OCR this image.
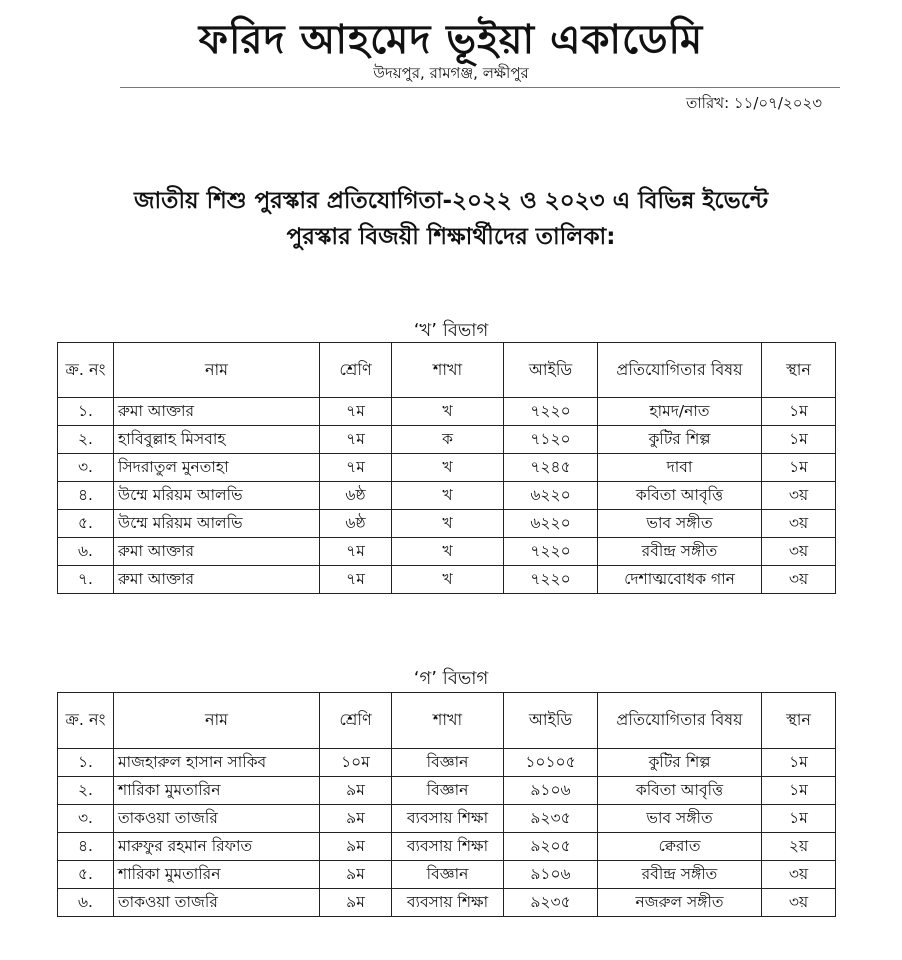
ফরিদ আহমেদ ভূইয়া একাডেমি
উদয়পুর, রামগঞ্জ, লক্ষীপুর
তারিখ: ১১/০৭/২০২৩
জাতীয় শিশু পুরস্কার প্রতিযোগিতা-২০২২ ও ২০২৩ এ বিভিন্ন ইভেন্টে
পুরস্কার বিজয়ী শিক্ষার্থীদের তালিকা:
‘খ’ বিভাগ
ক্র. নং	নাম	শ্রেণি	শাখা	আইডি	প্রতিযোগিতার বিষয়	স্থান
১.	রুমা আক্তার	৭ম	খ	৭২২০	হামদ/নাত	১ম
২.	হাবিবুল্লাহ মিসবাহ	৭ম	ক	৭১২০	কুটির শিল্প	১ম
৩.	সিদরাতুল মুনতাহা	৭ম	খ	৭২৪৫	দাবা	১ম
৪.	উম্মে মরিয়ম আলভি	৬ষ্ঠ	খ	৬২২০	কবিতা আবৃত্তি	৩য়
৫.	উম্মে মরিয়ম আলভি	৬ষ্ঠ	খ	৬২২০	ভাব সঙ্গীত	৩য়
৬.	রুমা আক্তার	৭ম	খ	৭২২০	রবীন্দ্র সঙ্গীত	৩য়
৭.	রুমা আক্তার	৭ম	খ	৭২২০	দেশাত্মবোধক গান	৩য়
‘গ’ বিভাগ
ক্র. নং	নাম	শ্রেণি	শাখা	আইডি	প্রতিযোগিতার বিষয়	স্থান
১.	মাজহারুল হাসান সাকিব	১০ম	বিজ্ঞান	১০১০৫	কুটির শিল্প	১ম
২.	শারিকা মুমতারিন	৯ম	বিজ্ঞান	৯১০৬	কবিতা আবৃত্তি	১ম
৩.	তাকওয়া তাজরি	৯ম	ব্যবসায় শিক্ষা	৯২৩৫	ভাব সঙ্গীত	১ম
৪.	মারুফুর রহমান রিফাত	৯ম	ব্যবসায় শিক্ষা	৯২০৫	ক্বেরাত	২য়
৫.	শারিকা মুমতারিন	৯ম	বিজ্ঞান	৯১০৬	রবীন্দ্র সঙ্গীত	৩য়
৬.	তাকওয়া তাজরি	৯ম	ব্যবসায় শিক্ষা	৯২৩৫	নজরুল সঙ্গীত	৩য়
